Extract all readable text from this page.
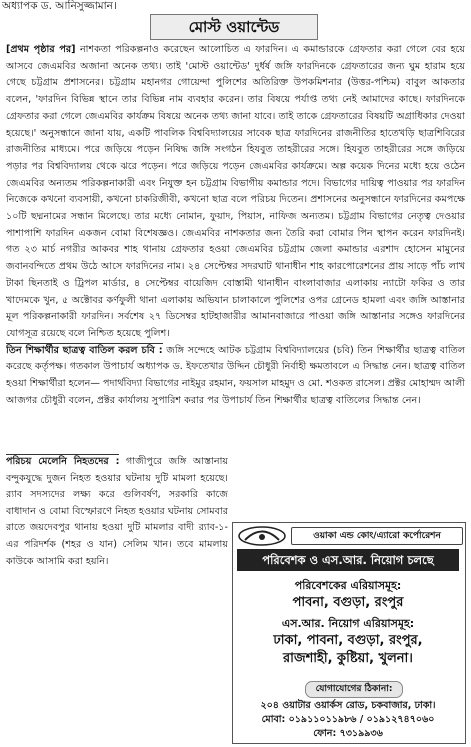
অধ্যাপক ড. আনিসুজ্জামান।
মোস্ট ওয়ান্টেড

[প্রথম পৃষ্ঠার পর] নাশকতা পরিকল্পনাও করেছেন আলোচিত এ ফারদিন। এ কমান্ডারকে গ্রেফতার করা গেলে বের হয়ে আসবে জেএমবির অজানা অনেক তথ্য। তাই 'মোস্ট ওয়ান্টেড' দুর্ধর্ষ জঙ্গি ফারদিনকে গ্রেফতারের জন্য ঘুম হারাম হয়ে গেছে চট্টগ্রাম প্রশাসনের। চট্টগ্রাম মহানগর গোয়েন্দা পুলিশের অতিরিক্ত উপকমিশনার (উত্তর-পশ্চিম) বাবুল আকতার বলেন, 'ফারদিন বিভিন্ন স্থানে তার বিভিন্ন নাম ব্যবহার করেন। তার বিষয়ে পর্যাপ্ত তথ্য নেই আমাদের কাছে। ফারদিনকে গ্রেফতার করা গেলে জেএমবির কার্যক্রম বিষয়ে অনেক তথ্য জানা যাবে। তাই তাকে গ্রেফতারের বিষয়টি অগ্রাধিকার দেওয়া হয়েছে।' অনুসন্ধানে জানা যায়, একটি পাবলিক বিশ্ববিদ্যালয়ের সাবেক ছাত্র ফারদিনের রাজনীতির হাতেখড়ি ছাত্রশিবিরের রাজনীতির মাধ্যমে। পরে জড়িয়ে পড়েন নিষিদ্ধ জঙ্গি সংগঠন হিযবুত তাহরীরের সঙ্গে। হিযবুত তাহরীরের সঙ্গে জড়িয়ে পড়ার পর বিশ্ববিদ্যালয় থেকে ঝরে পড়েন। পরে জড়িয়ে পড়েন জেএমবির কার্যক্রমে। অল্প কয়েক দিনের মধ্যে হয়ে ওঠেন জেএমবির অন্যতম পরিকল্পনাকারী এবং নিযুক্ত হন চট্টগ্রাম বিভাগীয় কমান্ডার পদে। বিভাগের দায়িত্ব পাওয়ার পর ফারদিন নিজেকে কখনো ব্যবসায়ী, কখনো চাকরিজীবী, কখনো ছাত্র বলে পরিচয় দিতেন। প্রশাসনের অনুসন্ধানে ফারদিনের কমপক্ষে ১০টি ছদ্মনামের সন্ধান মিলেছে। তার মধ্যে নোমান, ফুয়াদ, পিয়াস, নাফিজ অন্যতম। চট্টগ্রাম বিভাগের নেতৃত্ব দেওয়ার পাশাপাশি ফারদিন একজন বোমা বিশেষজ্ঞও। জেএমবির নাশকতার জন্য তৈরি করা বোমার পিন স্থাপন করেন ফারদিনই। গত ২৩ মার্চ নগরীর আকবর শাহ থানায় গ্রেফতার হওয়া জেএমবির চট্টগ্রাম জেলা কমান্ডার এরশাদ হোসেন মামুনের জবানবন্দিতে প্রথম উঠে আসে ফারদিনের নাম। ২৪ সেপ্টেম্বর সদরঘাট থানাধীন শাহ কারপোরেশনের প্রায় সাড়ে পাঁচ লাখ টাকা ছিনতাই ও ট্রিপল মার্ডার, ৪ সেপ্টেম্বর বায়েজিদ বোস্তামী থানাধীন বাংলাবাজার এলাকায় ন্যাটো ফকির ও তার খাদেমকে খুন, ৫ অক্টোবর কর্ণফুলী থানা এলাকায় অভিযান চালাকালে পুলিশের ওপর গ্রেনেড হামলা এবং জঙ্গি আস্তানার মূল পরিকল্পনাকারী ফারদিন। সর্বশেষ ২৭ ডিসেম্বর হাটহাজারীর আমানবাজারে পাওয়া জঙ্গি আস্তানার সঙ্গেও ফারদিনের যোগসূত্র রয়েছে বলে নিশ্চিত হয়েছে পুলিশ।

তিন শিক্ষার্থীর ছাত্রত্ব বাতিল করল চবি : জঙ্গি সন্দেহে আটক চট্টগ্রাম বিশ্ববিদ্যালয়ের (চবি) তিন শিক্ষার্থীর ছাত্রত্ব বাতিল করেছে কর্তৃপক্ষ। গতকাল উপাচার্য অধ্যাপক ড. ইফতেখার উদ্দিন চৌধুরী নির্বাহী ক্ষমতাবলে এ সিদ্ধান্ত নেন। ছাত্রত্ব বাতিল হওয়া শিক্ষার্থীরা হলেন— পদার্থবিদ্যা বিভাগের নাইমুর রহমান, ফয়সাল মাহমুদ ও মো. শওকত রাসেল। প্রক্টর মোহাম্মদ আলী আজগর চৌধুরী বলেন, প্রক্টর কার্যালয় সুপারিশ করার পর উপাচার্য তিন শিক্ষার্থীর ছাত্রত্ব বাতিলের সিদ্ধান্ত নেন।

পরিচয় মেলেনি নিহতদের : গাজীপুরে জঙ্গি আস্তানায় বন্দুকযুদ্ধে দুজন নিহত হওয়ার ঘটনায় দুটি মামলা হয়েছে। র‌্যাব সদস্যদের লক্ষ্য করে গুলিবর্ষণ, সরকারি কাজে বাধাদান ও বোমা বিস্ফোরণে নিহত হওয়ার ঘটনায় সোমবার রাতে জয়দেবপুর থানায় হওয়া দুটি মামলার বাদী র‌্যাব-১-এর পরিদর্শক (শহর ও যান) সেলিম খান। তবে মামলায় কাউকে আসামি করা হয়নি।

ওয়াকা এন্ড কোং/এ্যারো কর্পোরেশন
পরিবেশক ও এস.আর. নিয়োগ চলছে
পরিবেশকের এরিয়াসমূহ:
পাবনা, বগুড়া, রংপুর
এস.আর. নিয়োগ এরিয়াসমূহ:
ঢাকা, পাবনা, বগুড়া, রংপুর,
রাজশাহী, কুষ্টিয়া, খুলনা।
যোগাযোগের ঠিকানা:
২০৪ ওয়াটার ওয়ার্কস রোড, চকবাজার, ঢাকা।
মোবা: ০১৯১১০১১৯৮৬ / ০১৯১২৭৪৭০৬০
ফোন: ৭৩১৯৯৩৬
